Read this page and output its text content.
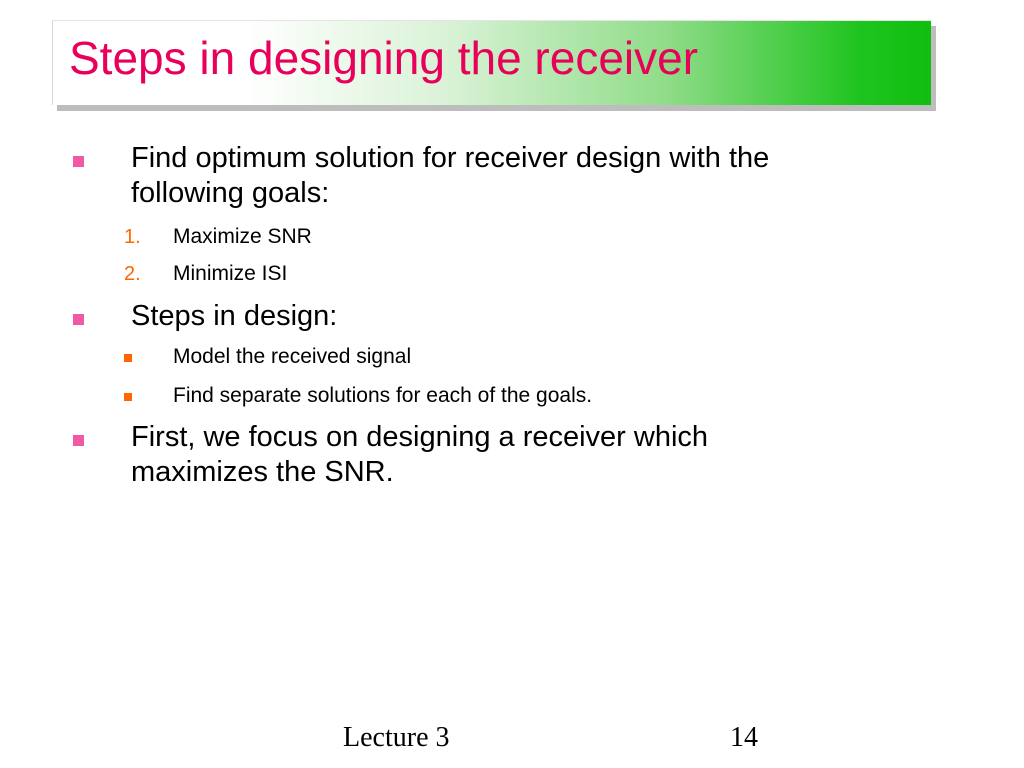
Steps in designing the receiver
Find optimum solution for receiver design with the
following goals:
1. Maximize SNR
2. Minimize ISI
Steps in design:
Model the received signal
Find separate solutions for each of the goals.
First, we focus on designing a receiver which
maximizes the SNR.
Lecture 3	14
